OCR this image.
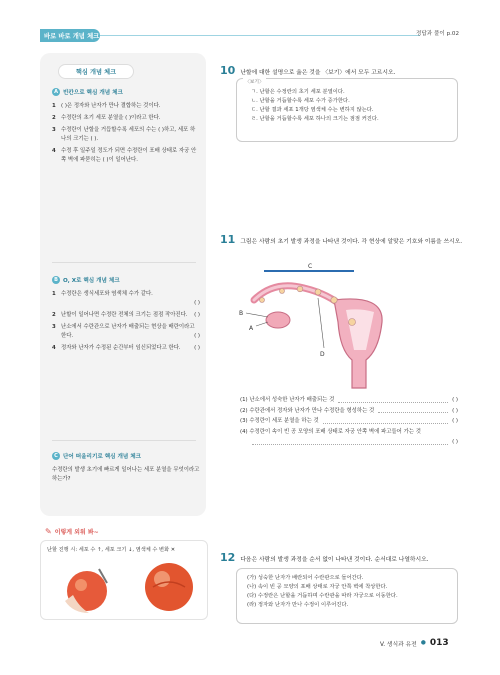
바로 바로 개념 체크	정답과 풀이 p.02
핵심 개념 체크
A 빈칸으로 핵심 개념 체크
1 ( )은 정자와 난자가 만나 결합하는 것이다.
2 수정란의 초기 세포 분열을 ( )이라고 한다.
3 수정란이 난할을 거듭할수록 세포의 수는 ( )하고, 세포 하나의 크기는 ( ).
4 수정 후 일주일 정도가 되면 수정란이 포배 상태로 자궁 안쪽 벽에 파묻히는 ( )이 일어난다.
B O, X로 핵심 개념 체크
1 수정란은 생식세포와 염색체 수가 같다.

( )
2 난할이 일어나면 수정란 전체의 크기는 점점 작아진다. ( )
3 난소에서 수란관으로 난자가 배출되는 현상을 배란이라고 한다.	( )
4 정자와 난자가 수정된 순간부터 임신되었다고 한다. ( )
C 단어 떠올리기로 핵심 개념 체크
수정란의 발생 초기에 빠르게 일어나는 세포 분열을 무엇이라고 하는가?
✎ 이렇게 외워 봐~
난할 진행 시: 세포 수 ↑, 세포 크기 ↓, 염색체 수 변화 ✕
10 난할에 대한 설명으로 옳은 것을 〈보기〉에서 모두 고르시오.
〈보기〉
ㄱ. 난할은 수정란의 초기 세포 분열이다.
ㄴ. 난할을 거듭할수록 세포 수가 증가한다.
ㄷ. 난할 결과 세포 1개당 염색체 수는 변하지 않는다.
ㄹ. 난할을 거듭할수록 세포 하나의 크기는 점점 커진다.
11 그림은 사람의 초기 발생 과정을 나타낸 것이다. 각 현상에 알맞은 기호와 이름을 쓰시오.
C
B
A
D
(1) 난소에서 성숙한 난자가 배출되는 것	( )
(2) 수란관에서 정자와 난자가 만나 수정란을 형성하는 것	( )
(3) 수정란이 세포 분열을 하는 것	( )
(4) 수정란이 속이 빈 공 모양의 포배 상태로 자궁 안쪽 벽에 파고들어 가는 것
( )
12 다음은 사람의 발생 과정을 순서 없이 나타낸 것이다. 순서대로 나열하시오.
(가) 성숙한 난자가 배란되어 수란관으로 들어간다.
(나) 속이 빈 공 모양의 포배 상태로 자궁 안쪽 벽에 착상한다.
(다) 수정란은 난할을 거듭하며 수란관을 따라 자궁으로 이동한다.
(라) 정자와 난자가 만나 수정이 이루어진다.
V. 생식과 유전 ● 013
